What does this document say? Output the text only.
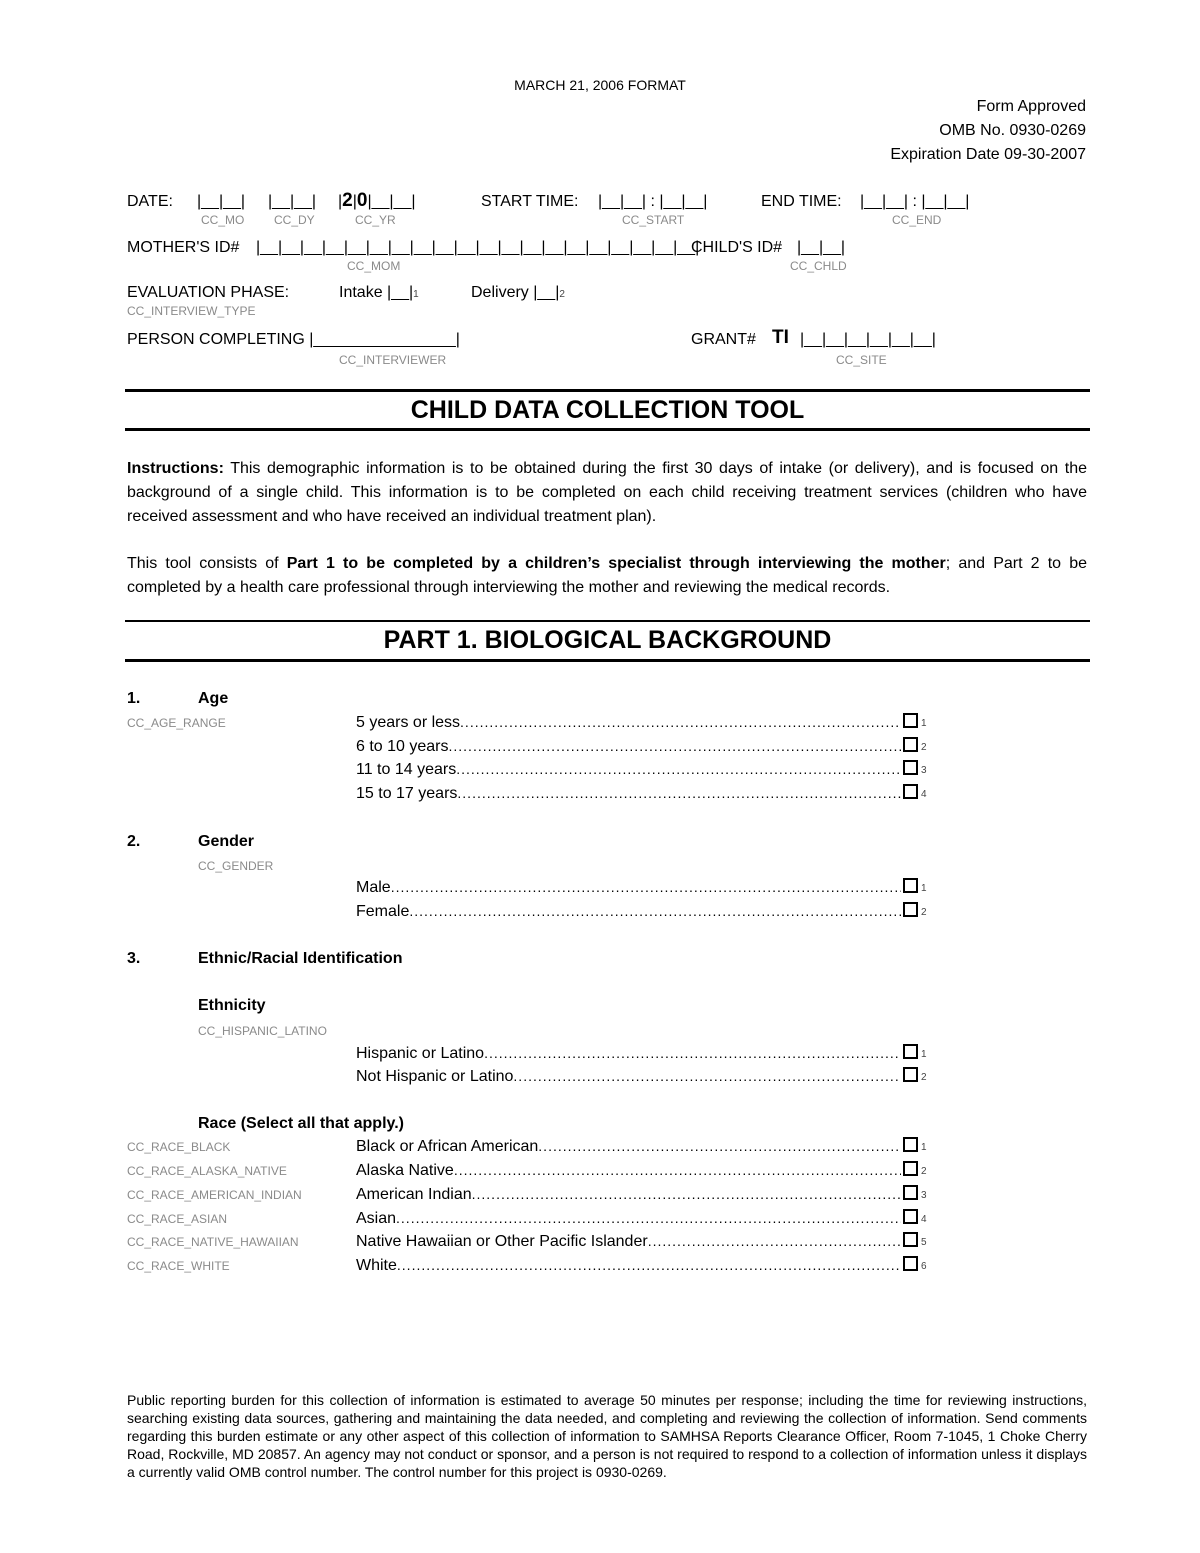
MARCH 21, 2006 FORMAT
Form Approved
OMB No. 0930-0269
Expiration Date 09-30-2007
DATE: |__|__| |__|__| |2|0|__|__|
CC_MO CC_DY	CC_YR
START TIME: |__|__| : |__|__|
CC_START
END TIME: |__|__| : |__|__|
CC_END
MOTHER'S ID# |__|__|__|__|__|__|__|__|__|__|__|__|__|__|__|__|__|__|__|__|
CC_MOM
CHILD'S ID# |__|__|
CC_CHLD
EVALUATION PHASE:	Intake |__|1	Delivery |__|2
CC_INTERVIEW_TYPE
PERSON COMPLETING |________________|
CC_INTERVIEWER
GRANT# TI |__|__|__|__|__|__|
CC_SITE
CHILD DATA COLLECTION TOOL
Instructions: This demographic information is to be obtained during the first 30 days of intake (or delivery), and is focused on the background of a single child. This information is to be completed on each child receiving treatment services (children who have received assessment and who have received an individual treatment plan).
This tool consists of Part 1 to be completed by a children’s specialist through interviewing the mother; and Part 2 to be completed by a health care professional through interviewing the mother and reviewing the medical records.
PART 1. BIOLOGICAL BACKGROUND
1.	Age
CC_AGE_RANGE	5 years or less .....	1
6 to 10 years .....	2
11 to 14 years .....	3
15 to 17 years .....	4
2.	Gender
CC_GENDER
Male .....	1
Female .....	2
3.	Ethnic/Racial Identification
Ethnicity
CC_HISPANIC_LATINO
Hispanic or Latino .....	1
Not Hispanic or Latino .....	2
Race (Select all that apply.)
CC_RACE_BLACK	Black or African American .....	1
CC_RACE_ALASKA_NATIVE	Alaska Native .....	2
CC_RACE_AMERICAN_INDIAN	American Indian .....	3
CC_RACE_ASIAN	Asian .....	4
CC_RACE_NATIVE_HAWAIIAN	Native Hawaiian or Other Pacific Islander .....	5
CC_RACE_WHITE	White .....	6
Public reporting burden for this collection of information is estimated to average 50 minutes per response; including the time for reviewing instructions, searching existing data sources, gathering and maintaining the data needed, and completing and reviewing the collection of information. Send comments regarding this burden estimate or any other aspect of this collection of information to SAMHSA Reports Clearance Officer, Room 7-1045, 1 Choke Cherry Road, Rockville, MD 20857. An agency may not conduct or sponsor, and a person is not required to respond to a collection of information unless it displays a currently valid OMB control number. The control number for this project is 0930-0269.
